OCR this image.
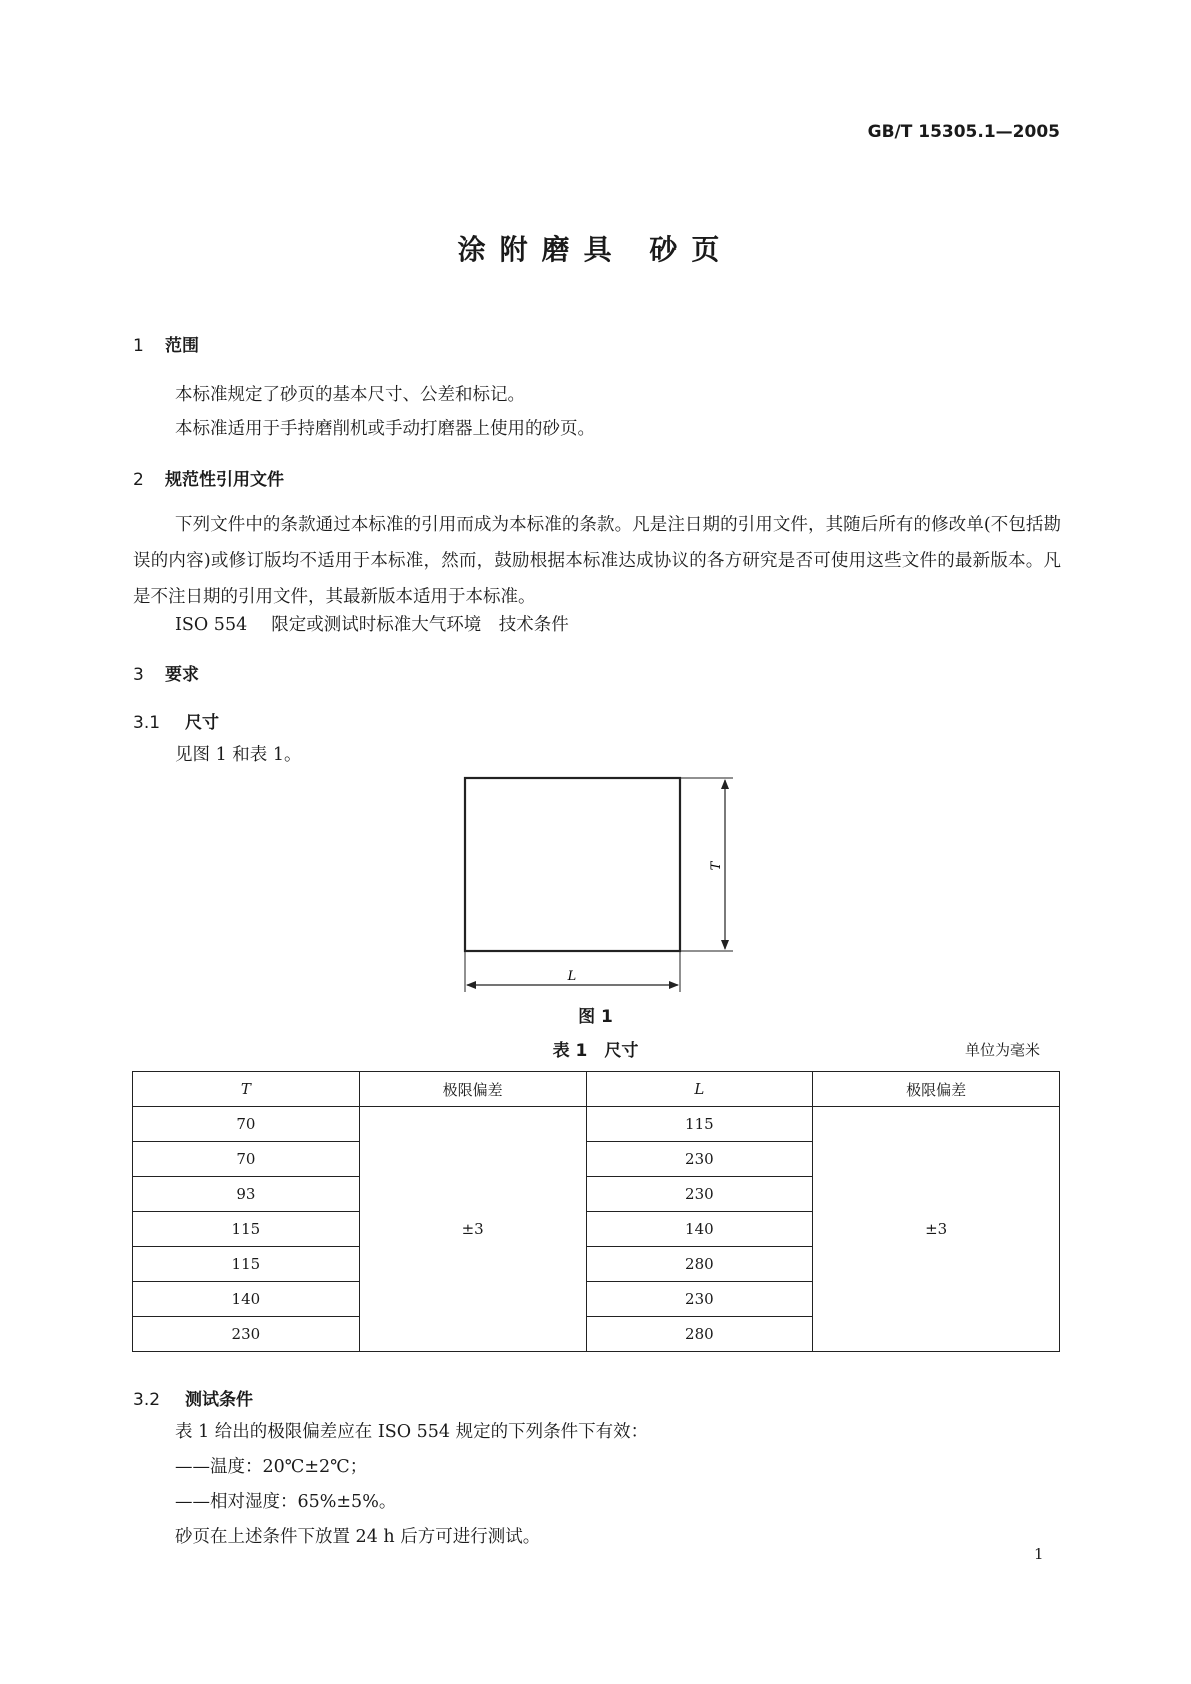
GB/T 15305.1—2005
涂附磨具 砂页
1 范围
本标准规定了砂页的基本尺寸、公差和标记。
本标准适用于手持磨削机或手动打磨器上使用的砂页。
2 规范性引用文件

下列文件中的条款通过本标准的引用而成为本标准的条款。凡是注日期的引用文件，其随后所有的修改单(不包括勘误的内容)或修订版均不适用于本标准，然而，鼓励根据本标准达成协议的各方研究是否可使用这些文件的最新版本。凡是不注日期的引用文件，其最新版本适用于本标准。

ISO 554 限定或测试时标准大气环境　技术条件
3 要求
3.1 尺寸
见图 1 和表 1。
T
L
图 1
表 1　尺寸	单位为毫米
T	极限偏差	L	极限偏差
70	±3	115	±3
70		230	
93		230	
115		140	
115		280	
140		230	
230		280	
3.2 测试条件
表 1 给出的极限偏差应在 ISO 554 规定的下列条件下有效：
——温度：20℃±2℃；
——相对湿度：65%±5%。
砂页在上述条件下放置 24 h 后方可进行测试。
1
